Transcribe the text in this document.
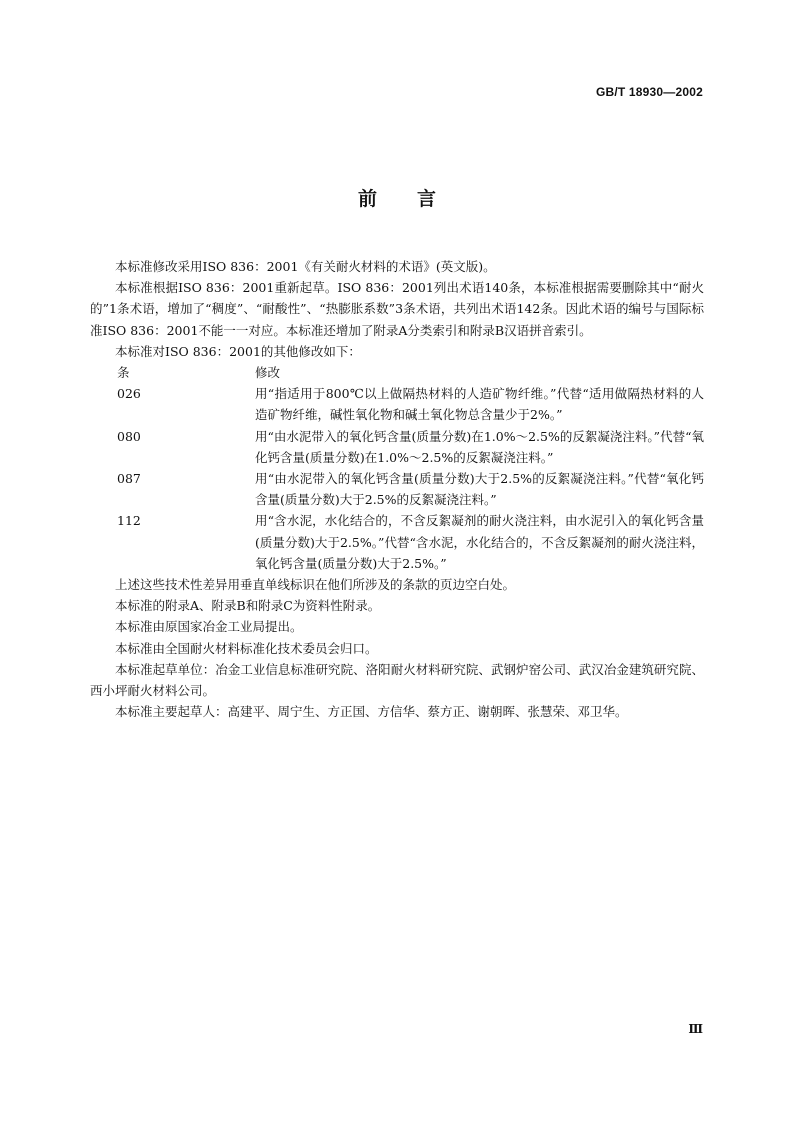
GB/T 18930—2002
前言

本标准修改采用ISO 836：2001《有关耐火材料的术语》(英文版)。

本标准根据ISO 836：2001重新起草。ISO 836：2001列出术语140条，本标准根据需要删除其中“耐火的”1条术语，增加了“稠度”、“耐酸性”、“热膨胀系数”3条术语，共列出术语142条。因此术语的编号与国际标准ISO 836：2001不能一一对应。本标准还增加了附录A分类索引和附录B汉语拼音索引。

本标准对ISO 836：2001的其他修改如下：

条	修改
026	用“指适用于800℃以上做隔热材料的人造矿物纤维。”代替“适用做隔热材料的人造矿物纤维，碱性氧化物和碱土氧化物总含量少于2%。”
080	用“由水泥带入的氧化钙含量(质量分数)在1.0%～2.5%的反絮凝浇注料。”代替“氧化钙含量(质量分数)在1.0%～2.5%的反絮凝浇注料。”
087	用“由水泥带入的氧化钙含量(质量分数)大于2.5%的反絮凝浇注料。”代替“氧化钙含量(质量分数)大于2.5%的反絮凝浇注料。”
112	用“含水泥，水化结合的，不含反絮凝剂的耐火浇注料，由水泥引入的氧化钙含量(质量分数)大于2.5%。”代替“含水泥，水化结合的，不含反絮凝剂的耐火浇注料，氧化钙含量(质量分数)大于2.5%。”

上述这些技术性差异用垂直单线标识在他们所涉及的条款的页边空白处。

本标准的附录A、附录B和附录C为资料性附录。

本标准由原国家冶金工业局提出。

本标准由全国耐火材料标准化技术委员会归口。

本标准起草单位：冶金工业信息标准研究院、洛阳耐火材料研究院、武钢炉窑公司、武汉冶金建筑研究院、西小坪耐火材料公司。

本标准主要起草人：高建平、周宁生、方正国、方信华、蔡方正、谢朝晖、张慧荣、邓卫华。

Ⅲ
